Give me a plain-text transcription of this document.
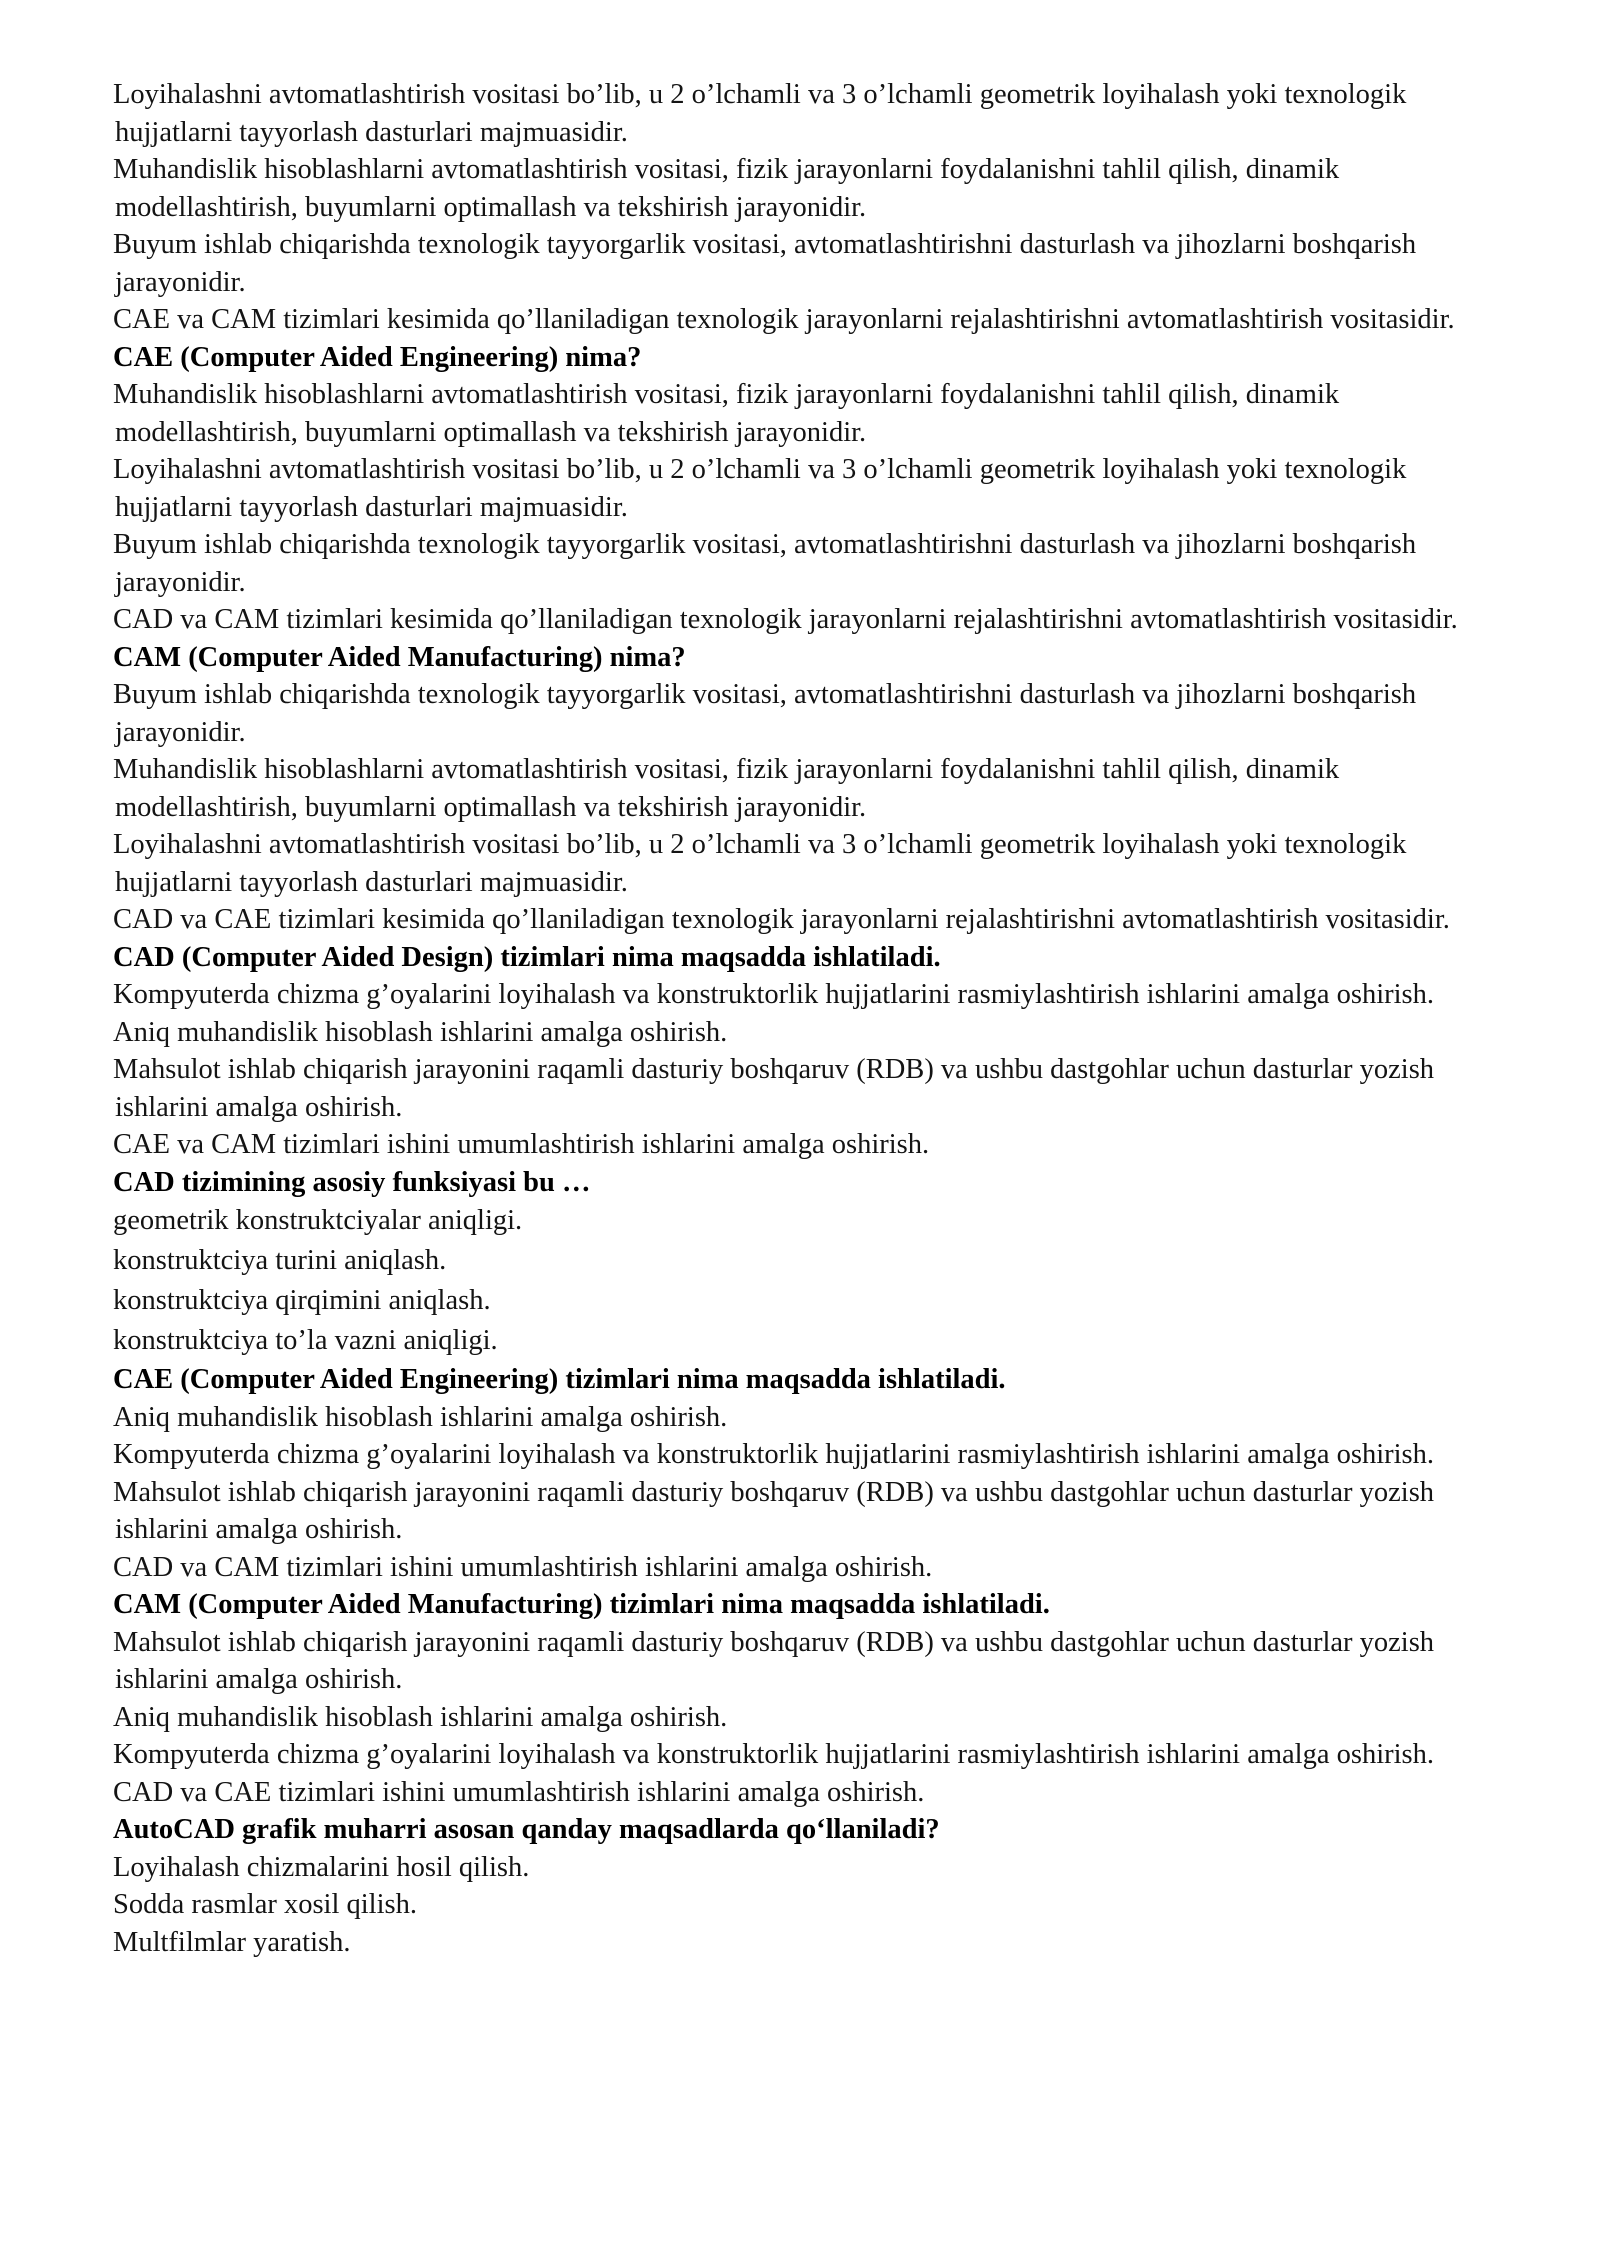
Loyihalashni avtomatlashtirish vositasi bo’lib, u 2 o’lchamli va 3 o’lchamli geometrik loyihalash yoki texnologik hujjatlarni tayyorlash dasturlari majmuasidir.

Muhandislik hisoblashlarni avtomatlashtirish vositasi, fizik jarayonlarni foydalanishni tahlil qilish, dinamik modellashtirish, buyumlarni optimallash va tekshirish jarayonidir.

Buyum ishlab chiqarishda texnologik tayyorgarlik vositasi, avtomatlashtirishni dasturlash va jihozlarni boshqarish jarayonidir.

CAE va CAM tizimlari kesimida qo’llaniladigan texnologik jarayonlarni rejalashtirishni avtomatlashtirish vositasidir.

CAE (Computer Aided Engineering) nima?

Muhandislik hisoblashlarni avtomatlashtirish vositasi, fizik jarayonlarni foydalanishni tahlil qilish, dinamik modellashtirish, buyumlarni optimallash va tekshirish jarayonidir.

Loyihalashni avtomatlashtirish vositasi bo’lib, u 2 o’lchamli va 3 o’lchamli geometrik loyihalash yoki texnologik hujjatlarni tayyorlash dasturlari majmuasidir.

Buyum ishlab chiqarishda texnologik tayyorgarlik vositasi, avtomatlashtirishni dasturlash va jihozlarni boshqarish jarayonidir.

CAD va CAM tizimlari kesimida qo’llaniladigan texnologik jarayonlarni rejalashtirishni avtomatlashtirish vositasidir.

CAM (Computer Aided Manufacturing) nima?

Buyum ishlab chiqarishda texnologik tayyorgarlik vositasi, avtomatlashtirishni dasturlash va jihozlarni boshqarish jarayonidir.

Muhandislik hisoblashlarni avtomatlashtirish vositasi, fizik jarayonlarni foydalanishni tahlil qilish, dinamik modellashtirish, buyumlarni optimallash va tekshirish jarayonidir.

Loyihalashni avtomatlashtirish vositasi bo’lib, u 2 o’lchamli va 3 o’lchamli geometrik loyihalash yoki texnologik hujjatlarni tayyorlash dasturlari majmuasidir.

CAD va CAE tizimlari kesimida qo’llaniladigan texnologik jarayonlarni rejalashtirishni avtomatlashtirish vositasidir.

CAD (Computer Aided Design) tizimlari nima maqsadda ishlatiladi.

Kompyuterda chizma g’oyalarini loyihalash va konstruktorlik hujjatlarini rasmiylashtirish ishlarini amalga oshirish.

Aniq muhandislik hisoblash ishlarini amalga oshirish.

Mahsulot ishlab chiqarish jarayonini raqamli dasturiy boshqaruv (RDB) va ushbu dastgohlar uchun dasturlar yozish ishlarini amalga oshirish.

CAE va CAM tizimlari ishini umumlashtirish ishlarini amalga oshirish.

CAD tizimining asosiy funksiyasi bu …

geometrik konstruktciyalar aniqligi.

konstruktciya turini aniqlash.

konstruktciya qirqimini aniqlash.

konstruktciya to’la vazni aniqligi.

CAE (Computer Aided Engineering) tizimlari nima maqsadda ishlatiladi.

Aniq muhandislik hisoblash ishlarini amalga oshirish.

Kompyuterda chizma g’oyalarini loyihalash va konstruktorlik hujjatlarini rasmiylashtirish ishlarini amalga oshirish.

Mahsulot ishlab chiqarish jarayonini raqamli dasturiy boshqaruv (RDB) va ushbu dastgohlar uchun dasturlar yozish ishlarini amalga oshirish.

CAD va CAM tizimlari ishini umumlashtirish ishlarini amalga oshirish.

CAM (Computer Aided Manufacturing) tizimlari nima maqsadda ishlatiladi.

Mahsulot ishlab chiqarish jarayonini raqamli dasturiy boshqaruv (RDB) va ushbu dastgohlar uchun dasturlar yozish ishlarini amalga oshirish.

Aniq muhandislik hisoblash ishlarini amalga oshirish.

Kompyuterda chizma g’oyalarini loyihalash va konstruktorlik hujjatlarini rasmiylashtirish ishlarini amalga oshirish.

CAD va CAE tizimlari ishini umumlashtirish ishlarini amalga oshirish.

AutoCAD grafik muharri asosan qanday maqsadlarda qo‘llaniladi?

Loyihalash chizmalarini hosil qilish.

Sodda rasmlar xosil qilish.

Multfilmlar yaratish.
